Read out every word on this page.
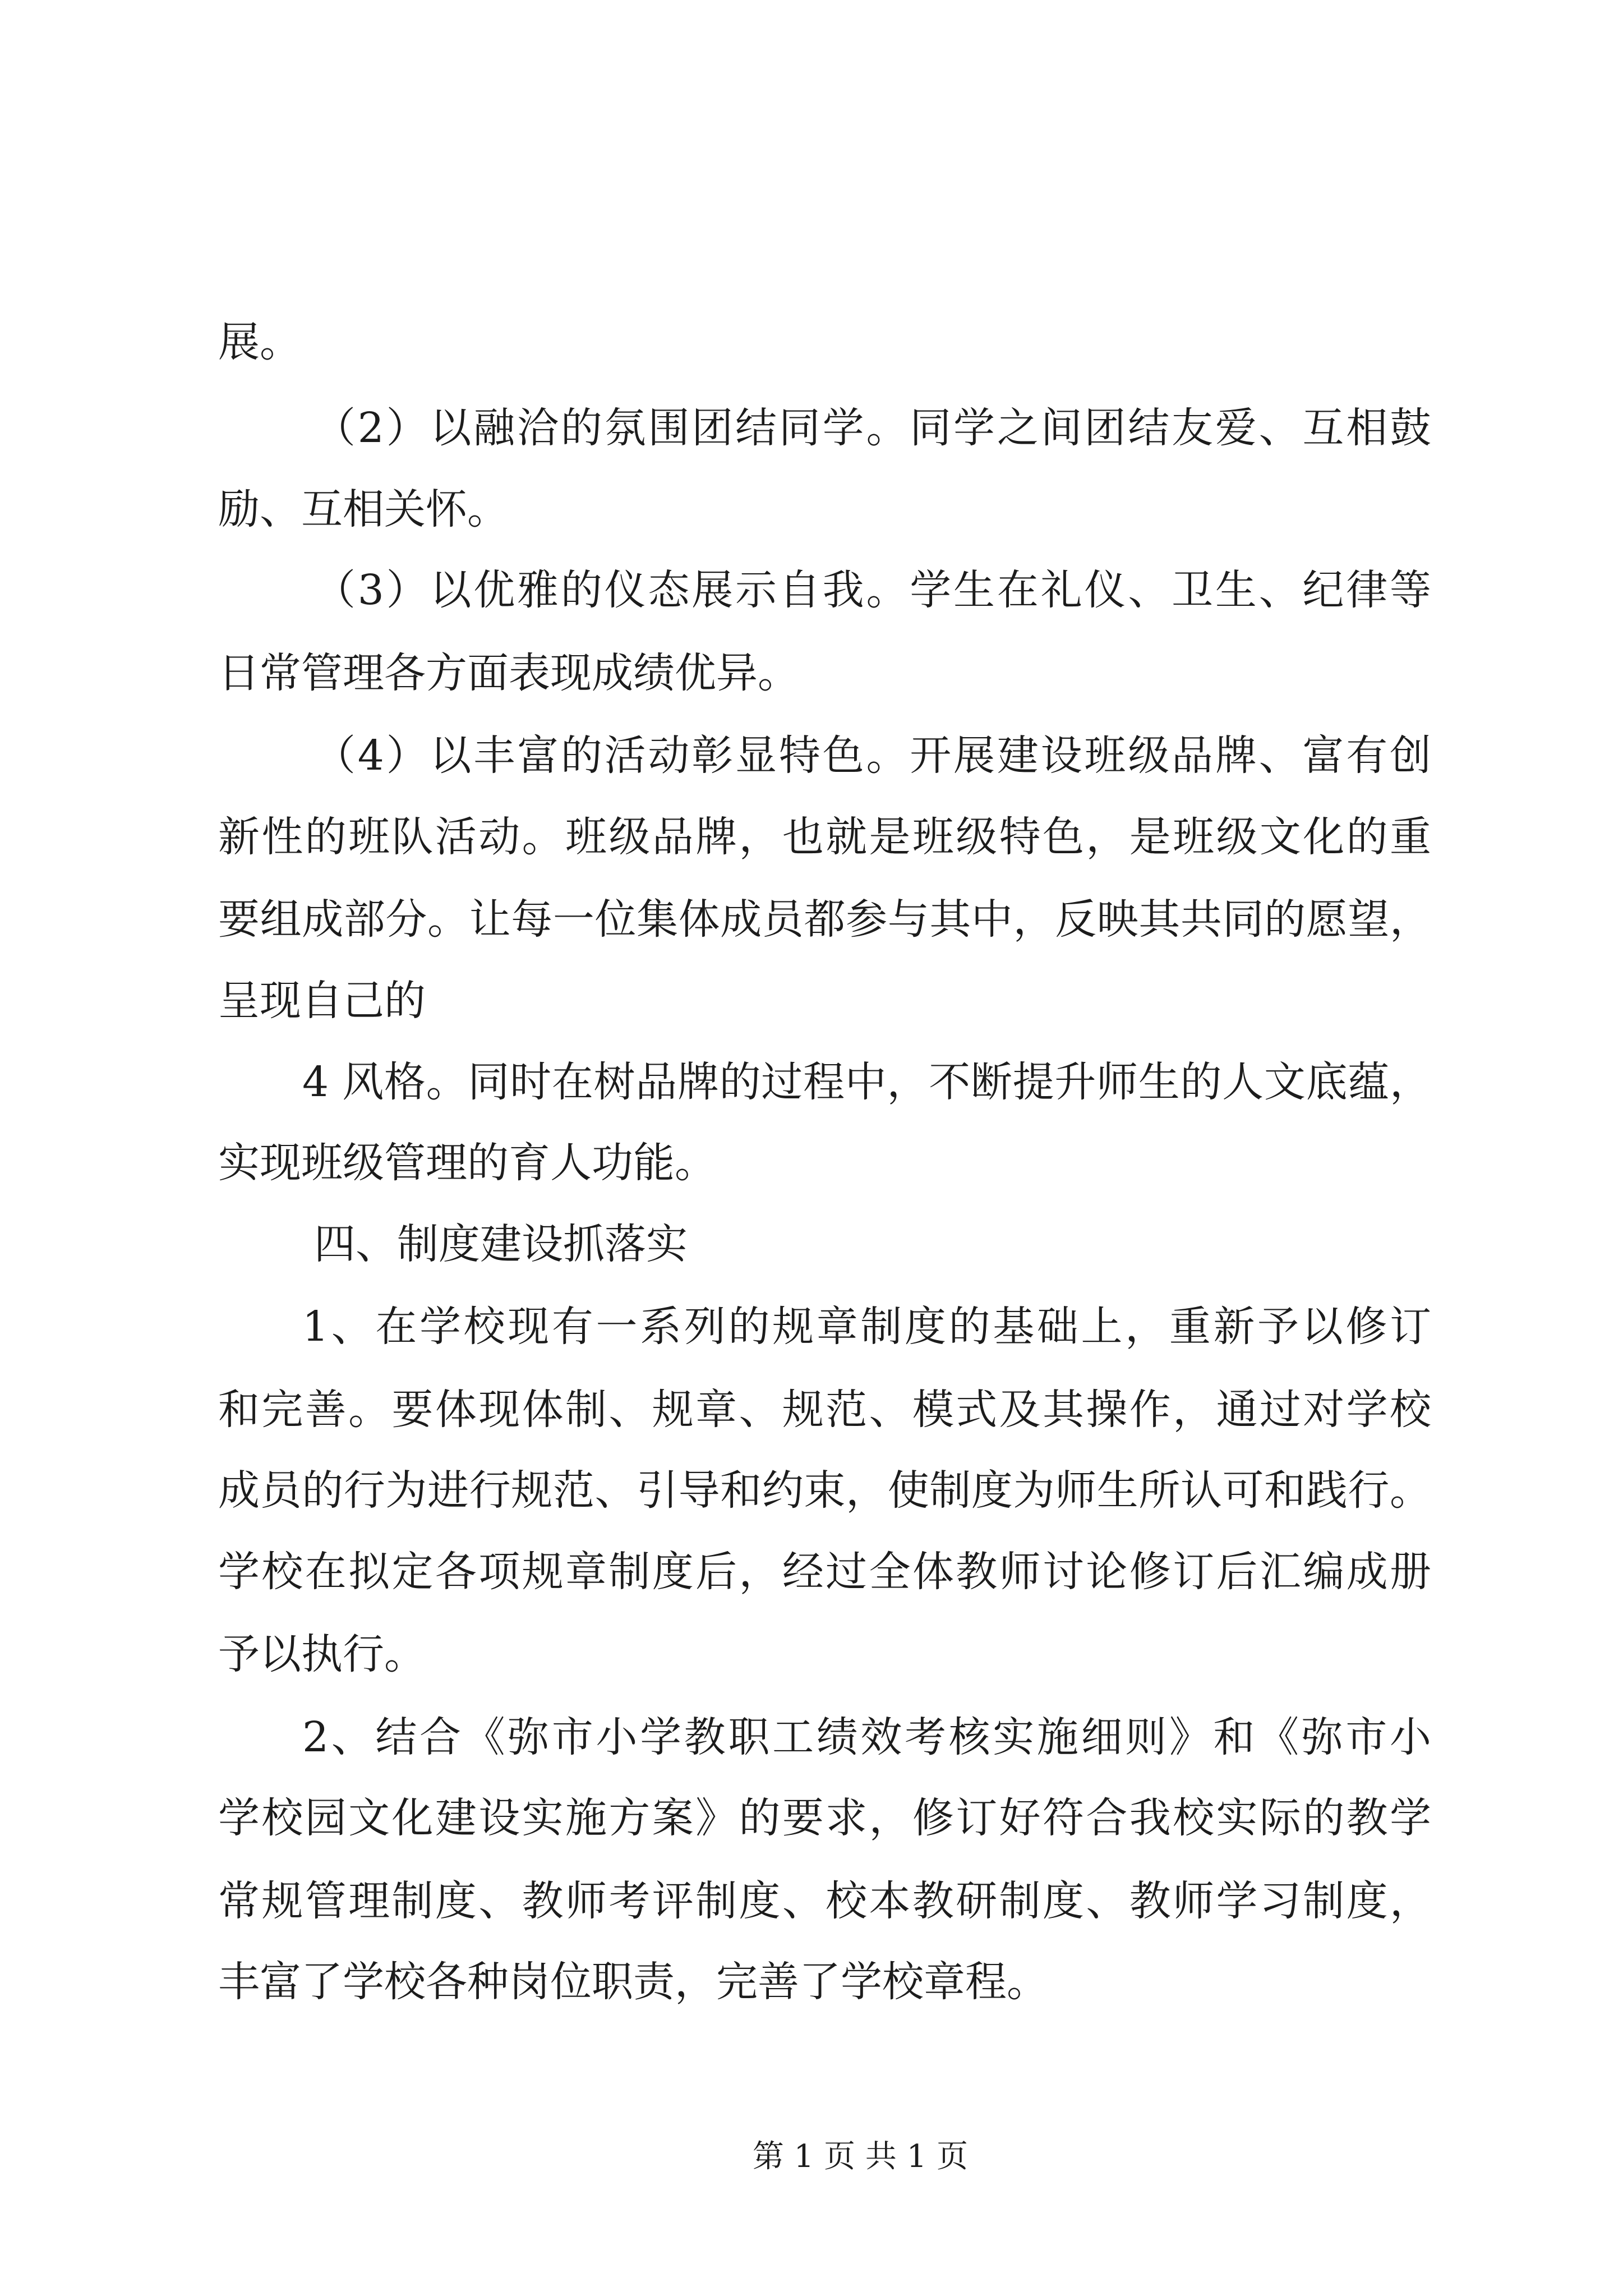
展。
（2）以融洽的氛围团结同学。同学之间团结友爱、互相鼓
励、互相关怀。
（3）以优雅的仪态展示自我。学生在礼仪、卫生、纪律等
日常管理各方面表现成绩优异。
（4）以丰富的活动彰显特色。开展建设班级品牌、富有创
新性的班队活动。班级品牌，也就是班级特色，是班级文化的重
要组成部分。让每一位集体成员都参与其中，反映其共同的愿望，
呈现自己的
4 风格。同时在树品牌的过程中，不断提升师生的人文底蕴，
实现班级管理的育人功能。
四、制度建设抓落实
1、在学校现有一系列的规章制度的基础上，重新予以修订
和完善。要体现体制、规章、规范、模式及其操作，通过对学校
成员的行为进行规范、引导和约束，使制度为师生所认可和践行。
学校在拟定各项规章制度后，经过全体教师讨论修订后汇编成册
予以执行。
2、结合《弥市小学教职工绩效考核实施细则》和《弥市小
学校园文化建设实施方案》的要求，修订好符合我校实际的教学
常规管理制度、教师考评制度、校本教研制度、教师学习制度，
丰富了学校各种岗位职责，完善了学校章程。
第 1 页 共 1 页
